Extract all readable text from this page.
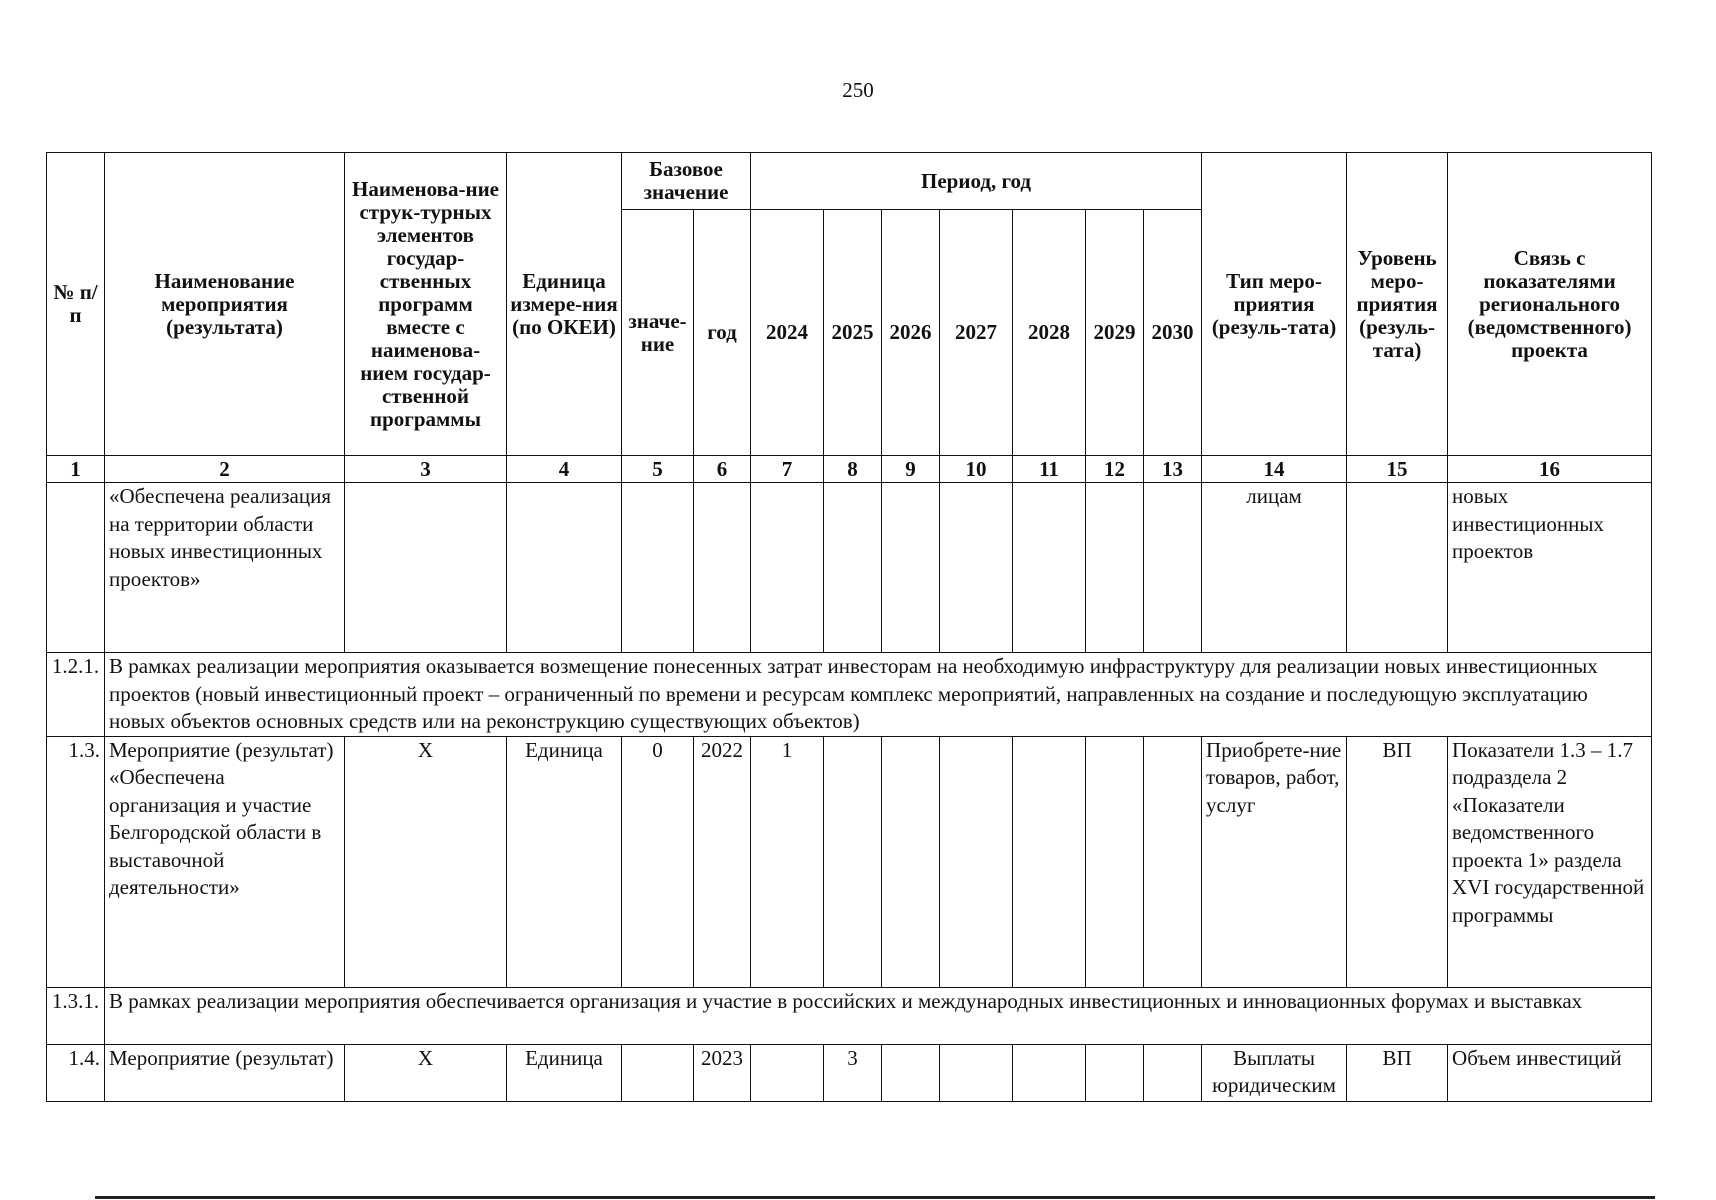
250
№ п/п	Наименование мероприятия (результата)	Наименова-ние струк-турных элементов государ-ственных программ вместе с наименова-нием государ-ственной программы	Единица измере-ния (по ОКЕИ)	Базовое значение		Период, год							Тип меро-приятия (резуль-тата)	Уровень меро-приятия (резуль-тата)	Связь с показателями регионального (ведомственного) проекта
				значе-ние	год	2024	2025	2026	2027	2028	2029	2030			
1	2	3	4	5	6	7	8	9	10	11	12	13	14	15	16
	«Обеспечена реализация на территории области новых инвестиционных проектов»												лицам		новых инвестиционных проектов
1.2.1.	В рамках реализации мероприятия оказывается возмещение понесенных затрат инвесторам на необходимую инфраструктуру для реализации новых инвестиционных проектов (новый инвестиционный проект – ограниченный по времени и ресурсам комплекс мероприятий, направленных на создание и последующую эксплуатацию новых объектов основных средств или на реконструкцию существующих объектов)														
1.3.	Мероприятие (результат) «Обеспечена организация и участие Белгородской области в выставочной деятельности»	Х	Единица	0	2022	1							Приобрете-ние товаров, работ, услуг	ВП	Показатели 1.3 – 1.7 подраздела 2 «Показатели ведомственного проекта 1» раздела XVI государственной программы
1.3.1.	В рамках реализации мероприятия обеспечивается организация и участие в российских и международных инвестиционных и инновационных форумах и выставках														
1.4.	Мероприятие (результат)	Х	Единица		2023		3						Выплаты юридическим	ВП	Объем инвестиций
